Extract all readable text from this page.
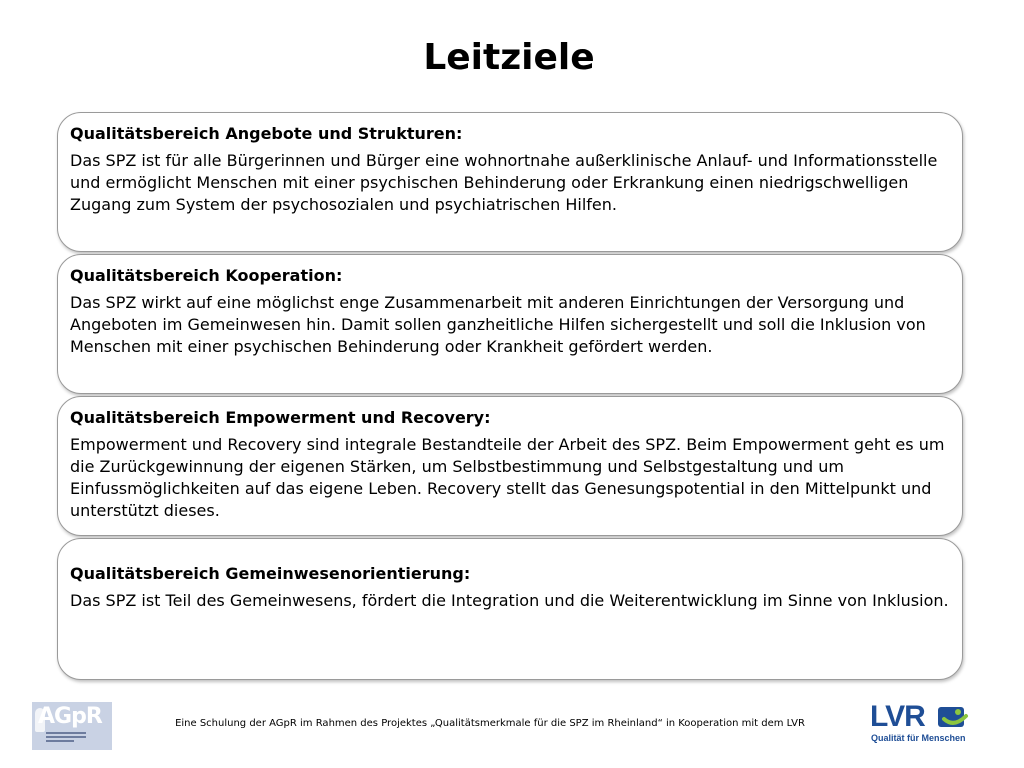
Leitziele

Qualitätsbereich Angebote und Strukturen:

Das SPZ ist für alle Bürgerinnen und Bürger eine wohnortnahe außerklinische Anlauf- und Informationsstelle und ermöglicht Menschen mit einer psychischen Behinderung oder Erkrankung einen niedrigschwelligen Zugang zum System der psychosozialen und psychiatrischen Hilfen.

Qualitätsbereich Kooperation:

Das SPZ wirkt auf eine möglichst enge Zusammenarbeit mit anderen Einrichtungen der Versorgung und Angeboten im Gemeinwesen hin. Damit sollen ganzheitliche Hilfen sichergestellt und soll die Inklusion von Menschen mit einer psychischen Behinderung oder Krankheit gefördert werden.

Qualitätsbereich Empowerment und Recovery:

Empowerment und Recovery sind integrale Bestandteile der Arbeit des SPZ. Beim Empowerment geht es um die Zurückgewinnung der eigenen Stärken, um Selbstbestimmung und Selbstgestaltung und um Einfussmöglichkeiten auf das eigene Leben. Recovery stellt das Genesungspotential in den Mittelpunkt und unterstützt dieses.

Qualitätsbereich Gemeinwesenorientierung:

Das SPZ ist Teil des Gemeinwesens, fördert die Integration und die Weiterentwicklung im Sinne von Inklusion.

AGpR	Eine Schulung der AGpR im Rahmen des Projektes „Qualitätsmerkmale für die SPZ im Rheinland“ in Kooperation mit dem LVR	LVR
Qualität für Menschen
